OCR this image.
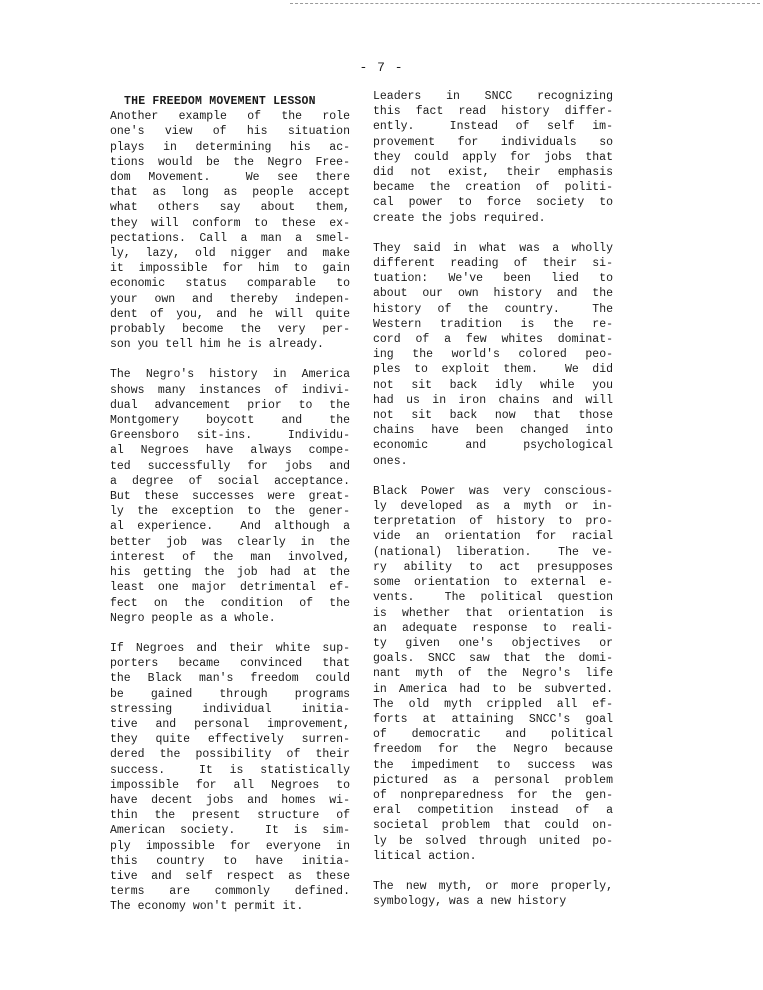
- 7 -
THE FREEDOM MOVEMENT LESSON
Another example of the role
one's view of his situation
plays in determining his ac-
tions would be the Negro Free-
dom Movement.  We see there
that as long as people accept
what others say about them,
they will conform to these ex-
pectations. Call a man a smel-
ly, lazy, old nigger and make
it impossible for him to gain
economic status comparable to
your own and thereby indepen-
dent of you, and he will quite
probably become the very per-
son you tell him he is already.
The Negro's history in America
shows many instances of indivi-
dual advancement prior to the
Montgomery boycott and the
Greensboro sit-ins.  Individu-
al Negroes have always compe-
ted successfully for jobs and
a degree of social acceptance.
But these successes were great-
ly the exception to the gener-
al experience.  And although a
better job was clearly in the
interest of the man involved,
his getting the job had at the
least one major detrimental ef-
fect on the condition of the
Negro people as a whole.
If Negroes and their white sup-
porters became convinced that
the Black man's freedom could
be gained through programs
stressing individual initia-
tive and personal improvement,
they quite effectively surren-
dered the possibility of their
success.  It is statistically
impossible for all Negroes to
have decent jobs and homes wi-
thin the present structure of
American society.  It is sim-
ply impossible for everyone in
this country to have initia-
tive and self respect as these
terms are commonly defined.
The economy won't permit it.
Leaders in SNCC recognizing
this fact read history differ-
ently.  Instead of self im-
provement for individuals so
they could apply for jobs that
did not exist, their emphasis
became the creation of politi-
cal power to force society to
create the jobs required.
They said in what was a wholly
different reading of their si-
tuation: We've been lied to
about our own history and the
history of the country.  The
Western tradition is the re-
cord of a few whites dominat-
ing the world's colored peo-
ples to exploit them.  We did
not sit back idly while you
had us in iron chains and will
not sit back now that those
chains have been changed into
economic and psychological
ones.
Black Power was very conscious-
ly developed as a myth or in-
terpretation of history to pro-
vide an orientation for racial
(national) liberation.  The ve-
ry ability to act presupposes
some orientation to external e-
vents.  The political question
is whether that orientation is
an adequate response to reali-
ty given one's objectives or
goals. SNCC saw that the domi-
nant myth of the Negro's life
in America had to be subverted.
The old myth crippled all ef-
forts at attaining SNCC's goal
of democratic and political
freedom for the Negro because
the impediment to success was
pictured as a personal problem
of nonpreparedness for the gen-
eral competition instead of a
societal problem that could on-
ly be solved through united po-
litical action.
The new myth, or more properly,
symbology, was a new history
